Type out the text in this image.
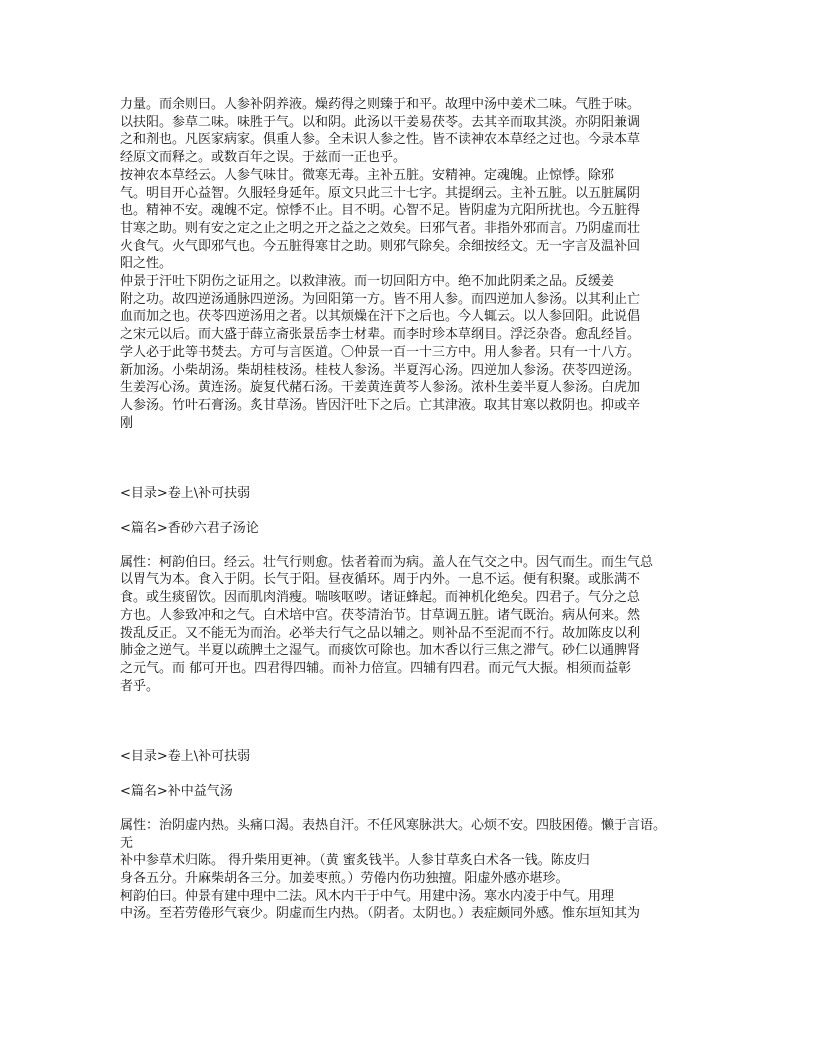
力量。而余则曰。人参补阴养液。燥药得之则臻于和平。故理中汤中姜术二味。气胜于味。
以扶阳。参草二味。味胜于气。以和阴。此汤以干姜易茯苓。去其辛而取其淡。亦阴阳兼调
之和剂也。凡医家病家。俱重人参。全未识人参之性。皆不读神农本草经之过也。今录本草
经原文而释之。或数百年之误。于兹而一正也乎。
按神农本草经云。人参气味甘。微寒无毒。主补五脏。安精神。定魂魄。止惊悸。除邪
气。明目开心益智。久服轻身延年。原文只此三十七字。其提纲云。主补五脏。以五脏属阴
也。精神不安。魂魄不定。惊悸不止。目不明。心智不足。皆阴虚为亢阳所扰也。今五脏得
甘寒之助。则有安之定之止之明之开之益之之效矣。曰邪气者。非指外邪而言。乃阴虚而壮
火食气。火气即邪气也。今五脏得寒甘之助。则邪气除矣。余细按经文。无一字言及温补回
阳之性。
仲景于汗吐下阴伤之证用之。以救津液。而一切回阳方中。绝不加此阴柔之品。反缓姜
附之功。故四逆汤通脉四逆汤。为回阳第一方。皆不用人参。而四逆加人参汤。以其利止亡
血而加之也。茯苓四逆汤用之者。以其烦燥在汗下之后也。今人辄云。以人参回阳。此说倡
之宋元以后。而大盛于薛立斋张景岳李士材辈。而李时珍本草纲目。浮泛杂沓。愈乱经旨。
学人必于此等书焚去。方可与言医道。〇仲景一百一十三方中。用人参者。只有一十八方。
新加汤。小柴胡汤。柴胡桂枝汤。桂枝人参汤。半夏泻心汤。四逆加人参汤。茯苓四逆汤。
生姜泻心汤。黄连汤。旋复代赭石汤。干姜黄连黄芩人参汤。浓朴生姜半夏人参汤。白虎加
人参汤。竹叶石膏汤。炙甘草汤。皆因汗吐下之后。亡其津液。取其甘寒以救阴也。抑或辛
刚
<目录>卷上\补可扶弱
<篇名>香砂六君子汤论
属性：柯韵伯曰。经云。壮气行则愈。怯者着而为病。盖人在气交之中。因气而生。而生气总
以胃气为本。食入于阴。长气于阳。昼夜循环。周于内外。一息不运。便有积聚。或胀满不
食。或生痰留饮。因而肌肉消瘦。喘咳呕哕。诸证蜂起。而神机化绝矣。四君子。气分之总
方也。人参致冲和之气。白术培中宫。茯苓清治节。甘草调五脏。诸气既治。病从何来。然
拨乱反正。又不能无为而治。必举夫行气之品以辅之。则补品不至泥而不行。故加陈皮以利
肺金之逆气。半夏以疏脾土之湿气。而痰饮可除也。加木香以行三焦之滞气。砂仁以通脾肾
之元气。而 郁可开也。四君得四辅。而补力倍宣。四辅有四君。而元气大振。相须而益彰
者乎。
<目录>卷上\补可扶弱
<篇名>补中益气汤
属性：治阴虚内热。头痛口渴。表热自汗。不任风寒脉洪大。心烦不安。四肢困倦。懒于言语。
无
补中参草术归陈。 得升柴用更神。（黄 蜜炙钱半。人参甘草炙白术各一钱。陈皮归
身各五分。升麻柴胡各三分。加姜枣煎。）劳倦内伤功独擅。阳虚外感亦堪珍。
柯韵伯曰。仲景有建中理中二法。风木内干于中气。用建中汤。寒水内凌于中气。用理
中汤。至若劳倦形气衰少。阴虚而生内热。（阴者。太阴也。）表症颇同外感。惟东垣知其为
